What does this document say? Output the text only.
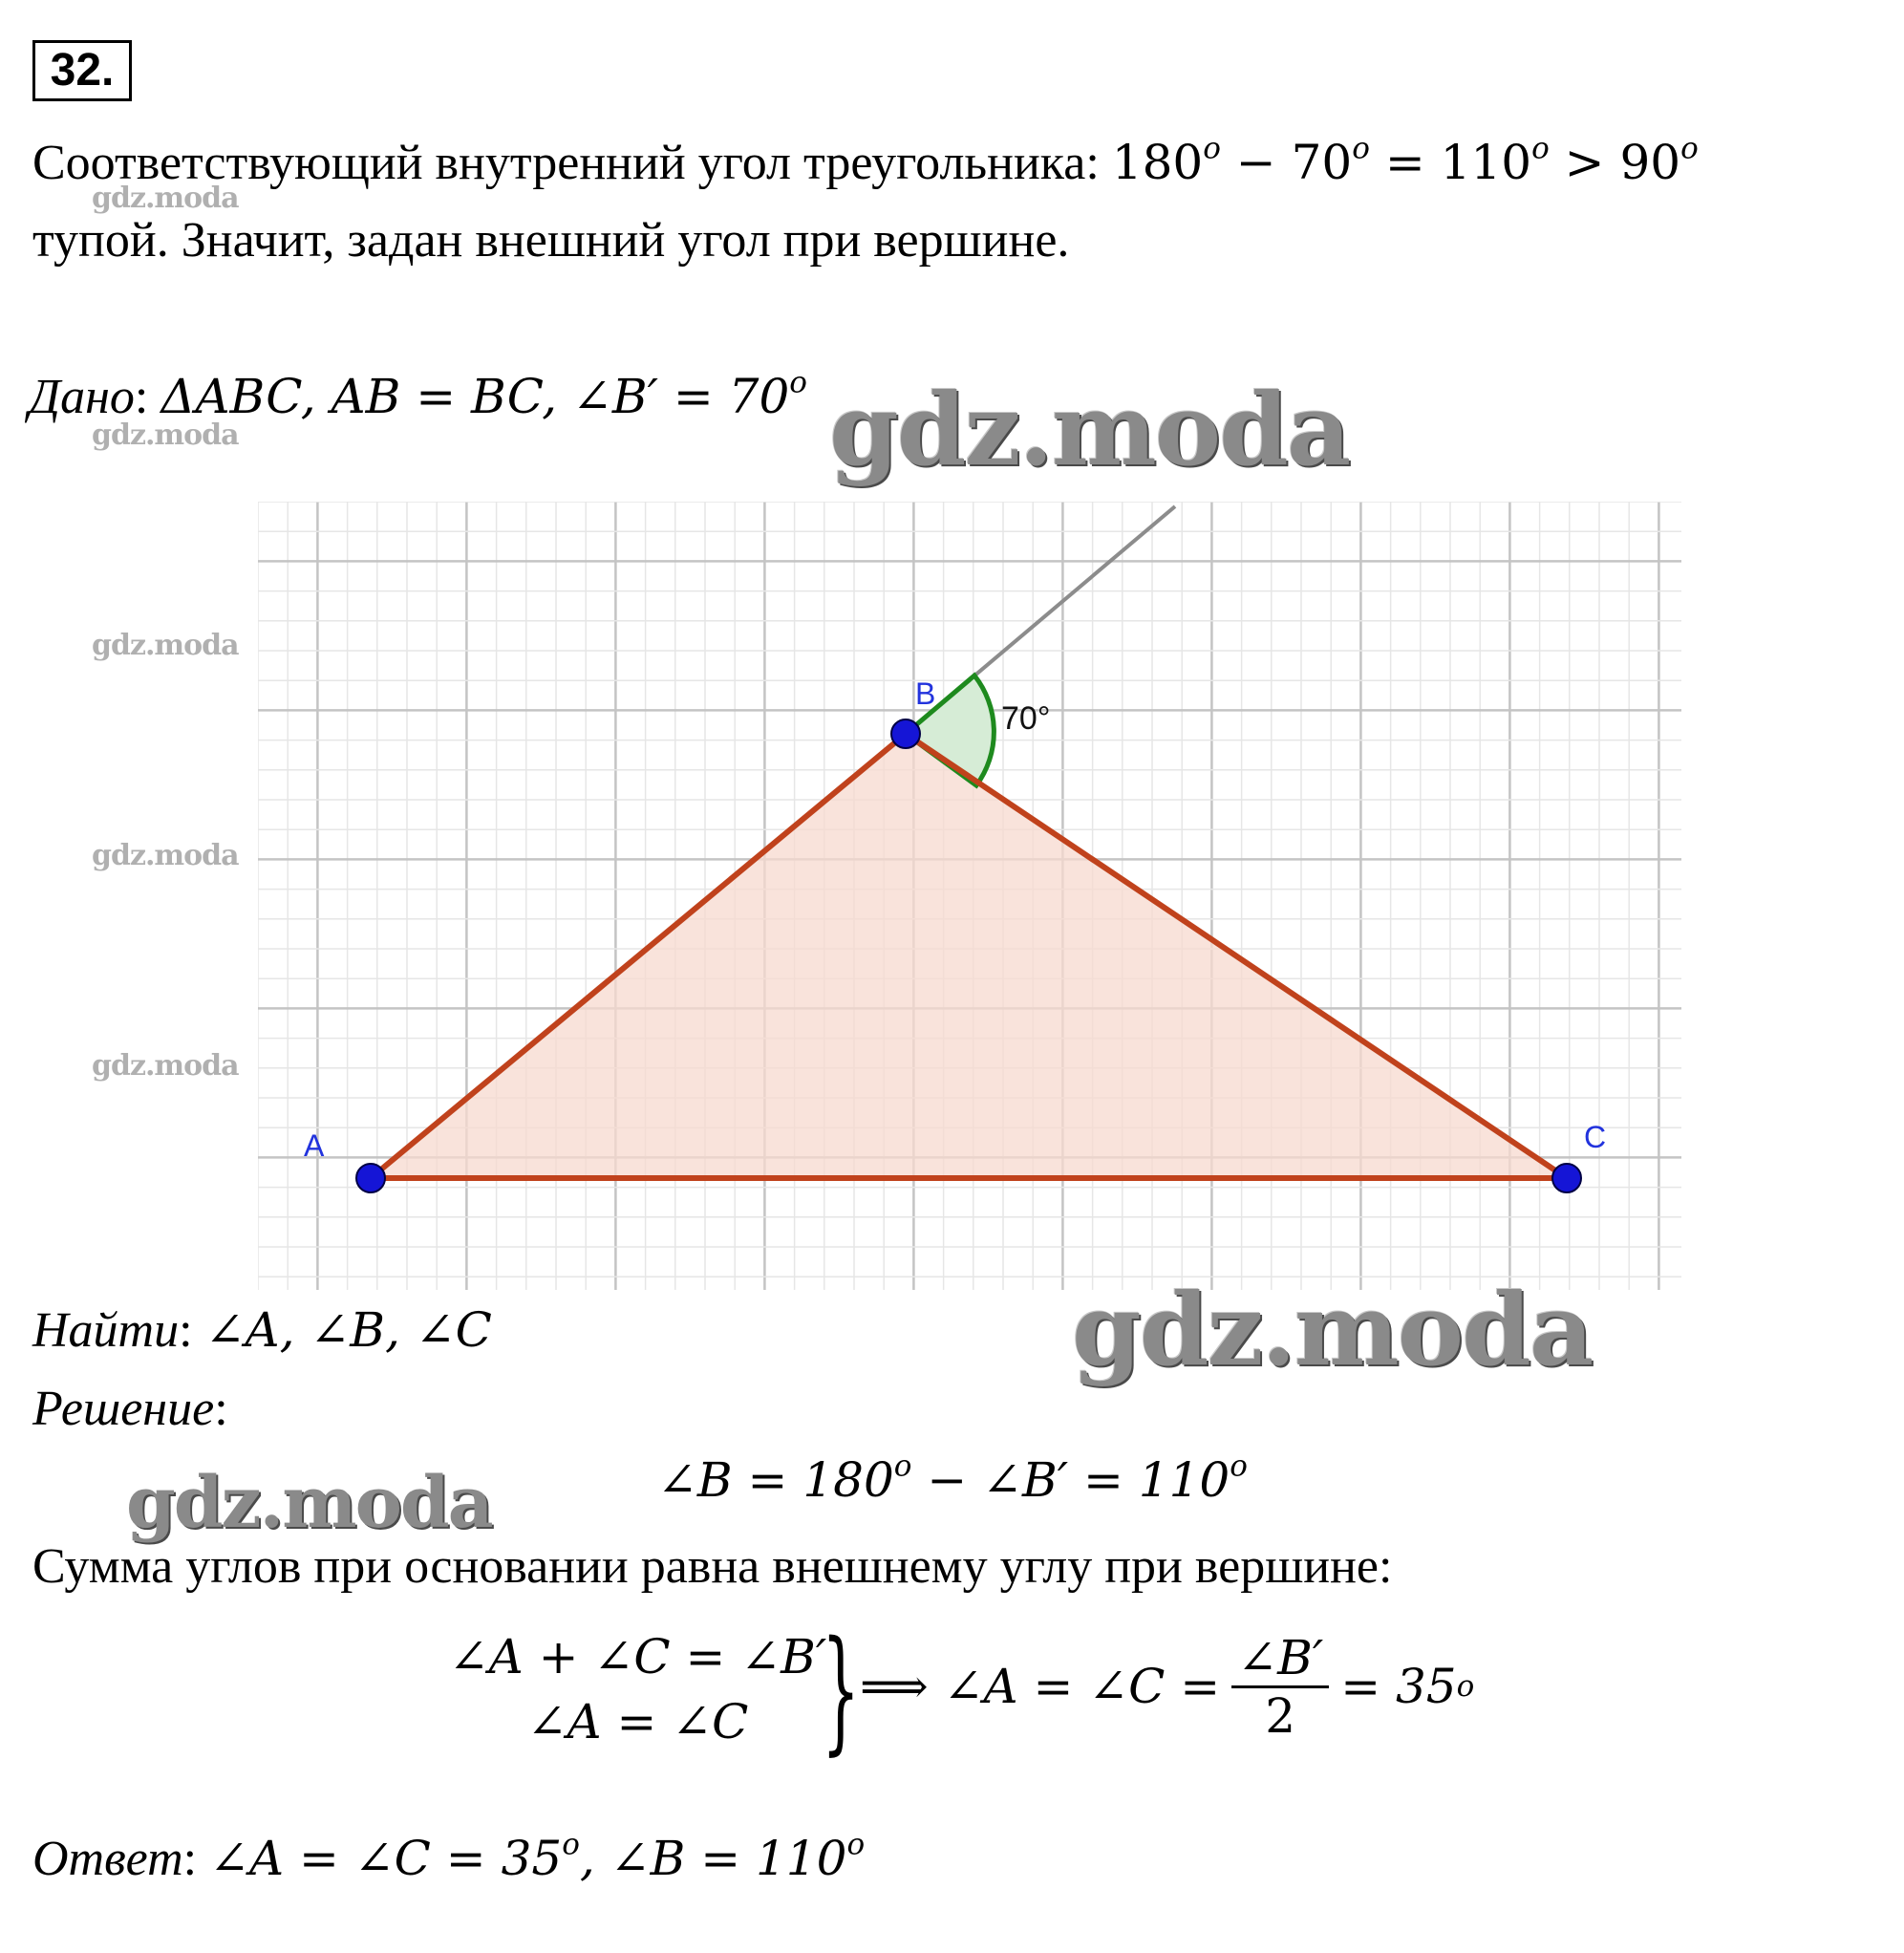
32.
Соответствующий внутренний угол треугольника: $180^o - 70^o = 110^o > 90^o$
тупой. Значит, задан внешний угол при вершине.
Дано: ΔABC, AB = BC, ∠B′ = $70^o$
A
B
C
70°
Найти: ∠A, ∠B, ∠C
Решение:
∠B = $180^o$ − ∠B′ = $110^o$
Сумма углов при основании равна внешнему углу при вершине:
∠A + ∠C = ∠B′
∠A = ∠C } ⟹ ∠A = ∠C = $\frac{\angle B'}{2} = 35$ o
Ответ: ∠A = ∠C = $35^o$, ∠B = $110^o$
gdz.moda
gdz.moda
gdz.moda
gdz.moda
gdz.moda
gdz.moda
gdz.moda
gdz.moda
